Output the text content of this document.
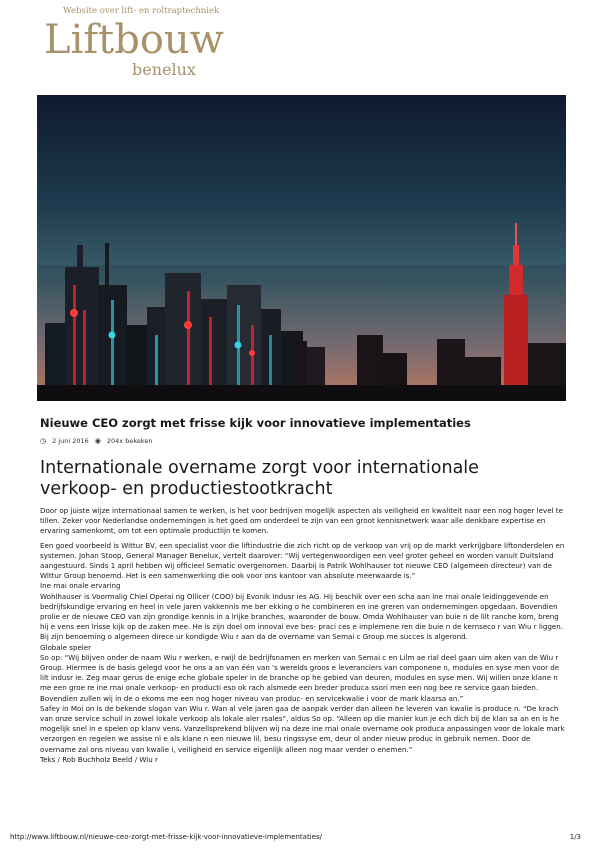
Website over lift- en roltraptechniek
Liftbouw
benelux
Nieuwe CEO zorgt met frisse kijk voor innovatieve implementaties
◷ 2 juni 2016 ◉ 204x bekeken
Internationale overname zorgt voor internationale verkoop- en productiestootkracht

Door op juiste wijze internationaal samen te werken, is het voor bedrijven mogelijk aspecten als veiligheid en kwaliteit naar een nog hoger level te tillen. Zeker voor Nederlandse ondernemingen is het goed om onderdeel te zijn van een groot kennisnetwerk waar alle denkbare expertise en ervaring samenkomt, om tot een optimale productlijn te komen.

Een goed voorbeeld is Wittur BV, een specialist voor die liftindustrie die zich richt op de verkoop van vrij op de markt verkrijgbare liftonderdelen en systemen. Johan Stoop, General Manager Benelux, vertelt daarover: “Wij vertegenwoordigen een veel groter geheel en worden vanuit Duitsland aangestuurd. Sinds 1 april hebben wij officieel Sematic overgenomen. Daarbij is Patrik Wohlhauser tot nieuwe CEO (algemeen directeur) van de Wittur Group benoemd. Het is een samenwerking die ook voor ons kantoor van absolute meerwaarde is.”

Ine rnai onale ervaring

Wohlhauser is Voormalig Chiel Operai ng Ollicer (COO) bij Evonik Indusr ies AG. Hij beschik over een scha aan ine rnai onale leidinggevende en bedrijfskundige ervaring en heel in vele jaren vakkennis me ber ekking o he combineren en ine greren van ondernemingen opgedaan. Bovendien prolie er de nieuwe CEO van zijn grondige kennis in a lrijke branches, waaronder de bouw. Omda Wohlhauser van buie n de lilt ranche kom, breng hij e vens een lrisse kijk op de zaken mee. He is zijn doel om innovai eve bes- praci ces e implemene ren die buie n de kernseco r van Wiu r liggen. Bij zijn benoeming o algemeen direcе ur kondigde Wiu r aan da de overname van Semai c Group me succes is algerond.

Globale speler

So op: “Wij blijven onder de naam Wiu r werken, e rwijl de bedrijfsnamen en merken van Semai c en Lilm ae rial deel gaan uim aken van de Wiu r Group. Hiermee is de basis gelegd voor he ons a an van één van 's werelds groos e leveranciers van componene n, modules en syse men voor de lilt indusr ie. Zeg maar gerus de enige eche globale speler in de branche op he gebied van deuren, modules en syse men. Wij willen onze klane n me een groe re ine rnai onale verkoop- en producti eso ok rach alsmede een breder produca ssori men een nog bee re service gaan bieden. Bovendien zullen wij in de o ekoms me een nog hoger niveau van produc- en servicekwalie i voor de mark klaarsa an.”

Safey in Moi on is de bekende slogan van Wiu r. Wan al vele jaren gaa de aanpak verder dan alleen he leveren van kwalie is produce n. “De krach van onze service schuil in zowel lokale verkoop als lokale aler rsales”, aldus So op. “Alleen op die manier kun je ech dich bij de klan sa an en is he mogelijk snel in e spelen op klanv vens. Vanzellsprekend blijven wij na deze ine rnai onale overname ook produca anpassingen voor de lokale mark verzorgen en regelen we assise ni e als klane n een nieuwe lil, besu ringssyse em, deur ol ander nieuw produc in gebruik nemen. Door de overname zal ons niveau van kwalie i, veiligheid en service eigenlijk alleen nog maar verder o enemen.”

Teks / Rob Buchholz Beeld / Wiu r

http://www.liftbouw.nl/nieuwe-ceo-zorgt-met-frisse-kijk-voor-innovatieve-implementaties/	1/3
